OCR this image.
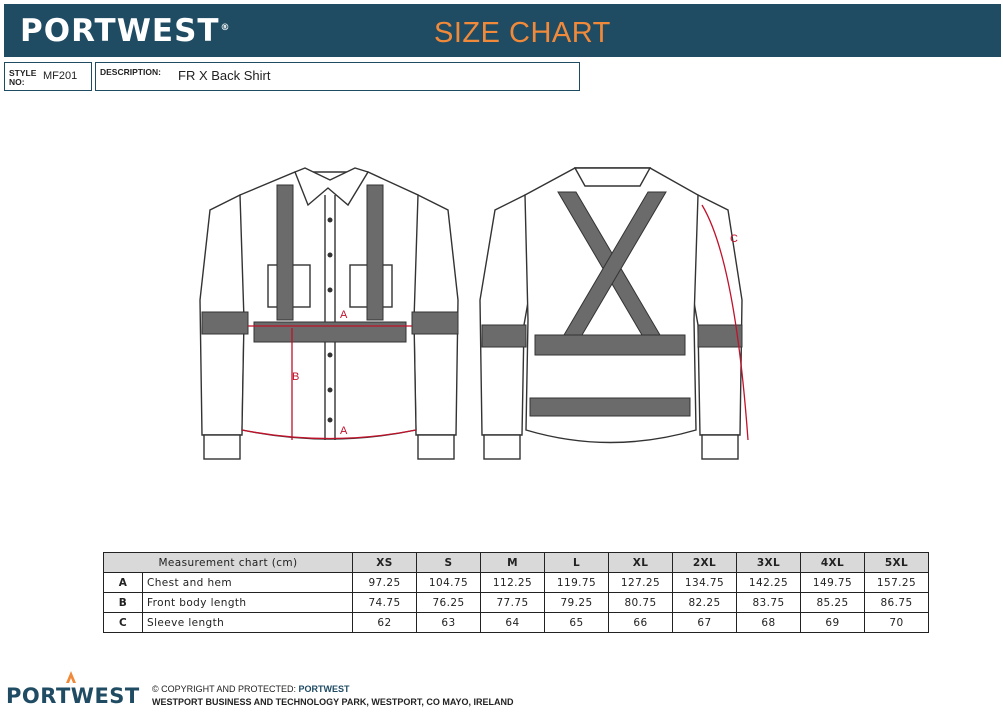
PORTWEST®	SIZE CHART
STYLE
NO:	MF201	DESCRIPTION: FR X Back Shirt
A
B
A
C
Measurement chart (cm)		XS	S	M	L	XL	2XL	3XL	4XL	5XL
A	Chest and hem	97.25	104.75	112.25	119.75	127.25	134.75	142.25	149.75	157.25
B	Front body length	74.75	76.25	77.75	79.25	80.75	82.25	83.75	85.25	86.75
C	Sleeve length	62	63	64	65	66	67	68	69	70
PORTWEST © COPYRIGHT AND PROTECTED: PORTWEST
WESTPORT BUSINESS AND TECHNOLOGY PARK, WESTPORT, CO MAYO, IRELAND
